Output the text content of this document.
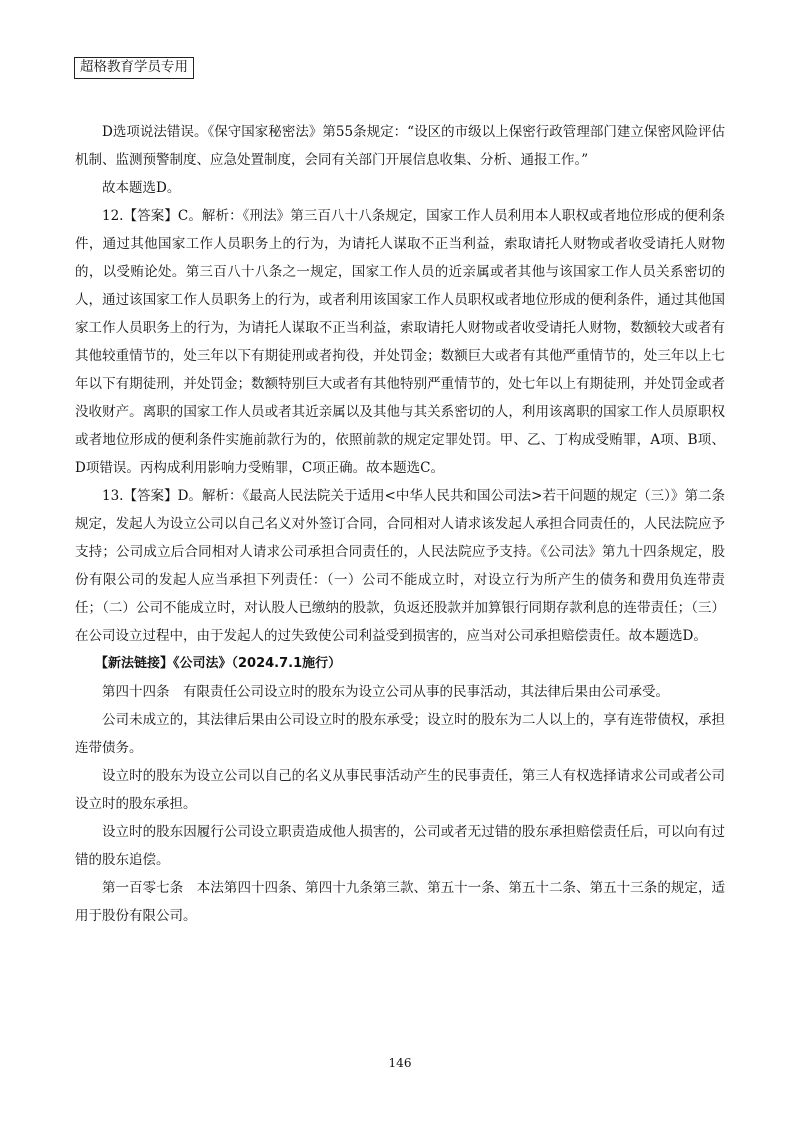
超格教育学员专用

D选项说法错误。《保守国家秘密法》第55条规定：“设区的市级以上保密行政管理部门建立保密风险评估机制、监测预警制度、应急处置制度，会同有关部门开展信息收集、分析、通报工作。”

故本题选D。

12.【答案】C。解析：《刑法》第三百八十八条规定，国家工作人员利用本人职权或者地位形成的便利条件，通过其他国家工作人员职务上的行为，为请托人谋取不正当利益，索取请托人财物或者收受请托人财物的，以受贿论处。第三百八十八条之一规定，国家工作人员的近亲属或者其他与该国家工作人员关系密切的人，通过该国家工作人员职务上的行为，或者利用该国家工作人员职权或者地位形成的便利条件，通过其他国家工作人员职务上的行为，为请托人谋取不正当利益，索取请托人财物或者收受请托人财物，数额较大或者有其他较重情节的，处三年以下有期徒刑或者拘役，并处罚金；数额巨大或者有其他严重情节的，处三年以上七年以下有期徒刑，并处罚金；数额特别巨大或者有其他特别严重情节的，处七年以上有期徒刑，并处罚金或者没收财产。离职的国家工作人员或者其近亲属以及其他与其关系密切的人，利用该离职的国家工作人员原职权或者地位形成的便利条件实施前款行为的，依照前款的规定定罪处罚。甲、乙、丁构成受贿罪，A项、B项、D项错误。丙构成利用影响力受贿罪，C项正确。故本题选C。

13.【答案】D。解析：《最高人民法院关于适用<中华人民共和国公司法>若干问题的规定（三）》第二条规定，发起人为设立公司以自己名义对外签订合同，合同相对人请求该发起人承担合同责任的，人民法院应予支持；公司成立后合同相对人请求公司承担合同责任的，人民法院应予支持。《公司法》第九十四条规定，股份有限公司的发起人应当承担下列责任：（一）公司不能成立时，对设立行为所产生的债务和费用负连带责任；（二）公司不能成立时，对认股人已缴纳的股款，负返还股款并加算银行同期存款利息的连带责任；（三）在公司设立过程中，由于发起人的过失致使公司利益受到损害的，应当对公司承担赔偿责任。故本题选D。

【新法链接】《公司法》（2024.7.1施行）

第四十四条　有限责任公司设立时的股东为设立公司从事的民事活动，其法律后果由公司承受。

公司未成立的，其法律后果由公司设立时的股东承受；设立时的股东为二人以上的，享有连带债权，承担连带债务。

设立时的股东为设立公司以自己的名义从事民事活动产生的民事责任，第三人有权选择请求公司或者公司设立时的股东承担。

设立时的股东因履行公司设立职责造成他人损害的，公司或者无过错的股东承担赔偿责任后，可以向有过错的股东追偿。

第一百零七条　本法第四十四条、第四十九条第三款、第五十一条、第五十二条、第五十三条的规定，适用于股份有限公司。

146
